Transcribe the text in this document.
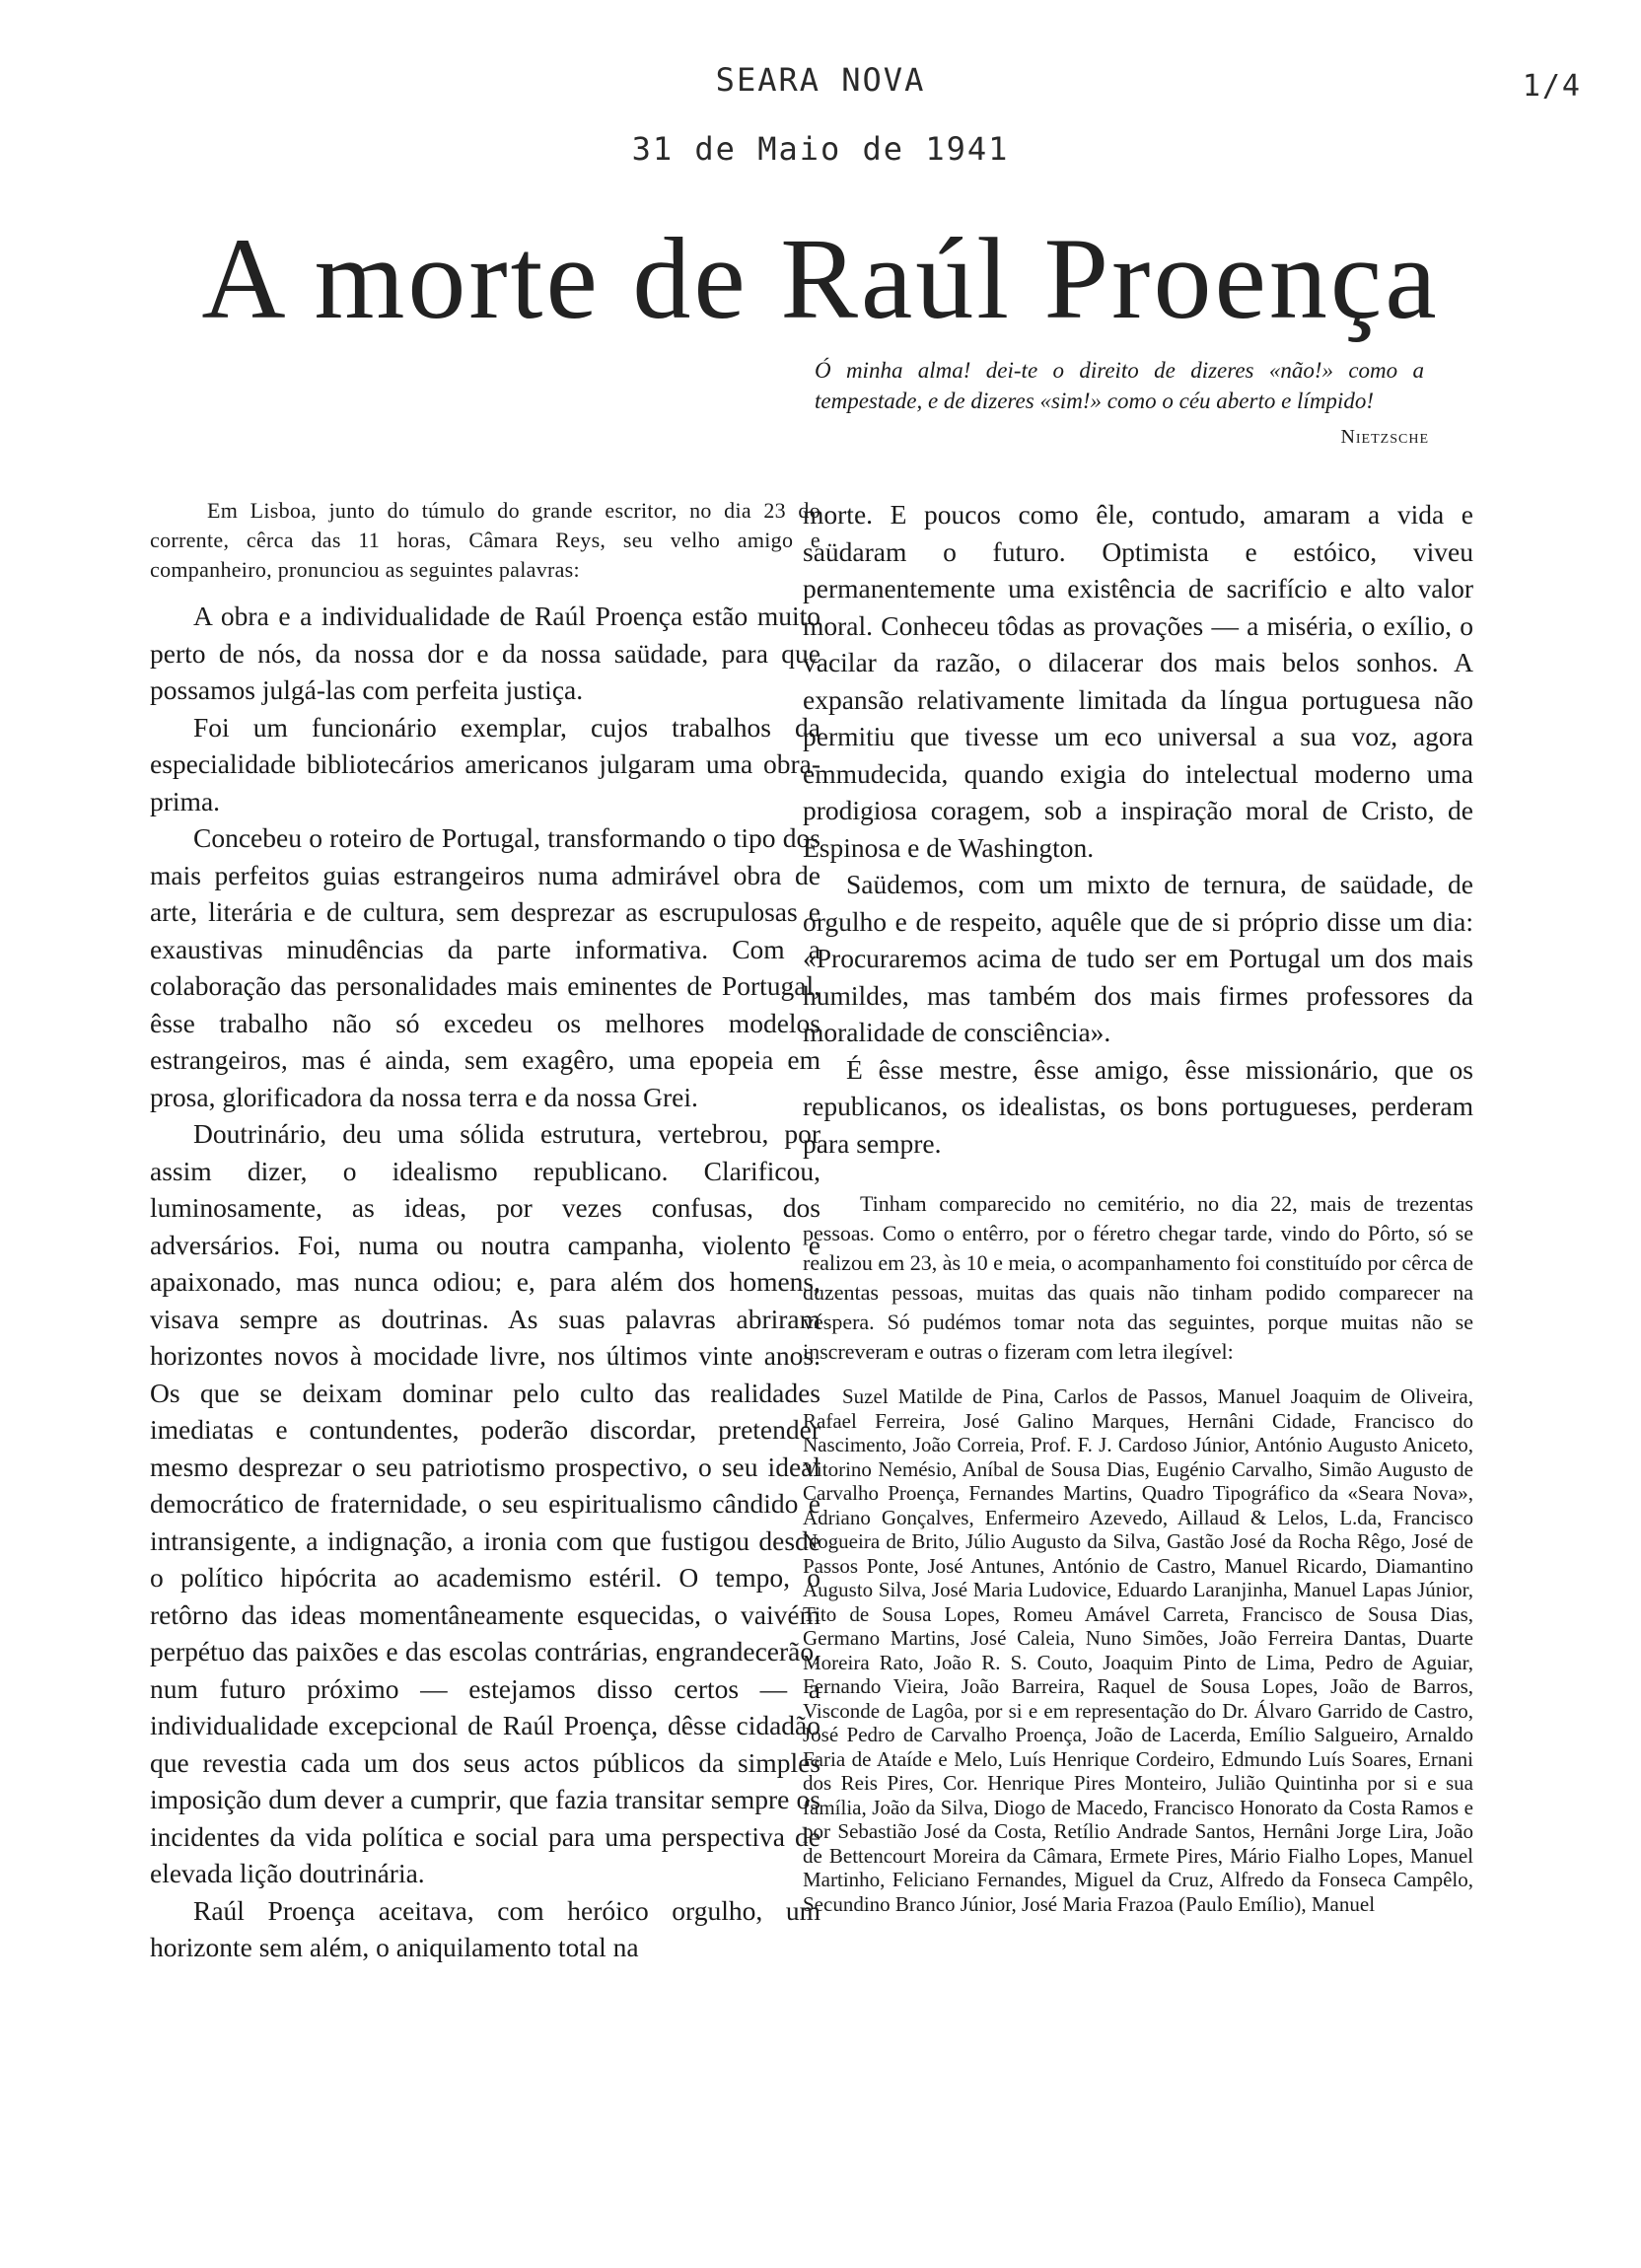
SEARA NOVA	1/4
31 de Maio de 1941
A morte de Raúl Proença
Ó minha alma! dei-te o direito de dizeres «não!» como a tempestade, e de dizeres «sim!» como o céu aberto e límpido!
Nietzsche

Em Lisboa, junto do túmulo do grande escritor, no dia 23 do corrente, cêrca das 11 horas, Câmara Reys, seu velho amigo e companheiro, pronunciou as seguintes palavras:

A obra e a individualidade de Raúl Proença estão muito perto de nós, da nossa dor e da nossa saüdade, para que possamos julgá-las com perfeita justiça.

Foi um funcionário exemplar, cujos trabalhos da especialidade bibliotecários americanos julgaram uma obra-prima.

Concebeu o roteiro de Portugal, transformando o tipo dos mais perfeitos guias estrangeiros numa admirável obra de arte, literária e de cultura, sem desprezar as escrupulosas e exaustivas minudências da parte informativa. Com a colaboração das personalidades mais eminentes de Portugal, êsse trabalho não só excedeu os melhores modelos estrangeiros, mas é ainda, sem exagêro, uma epopeia em prosa, glorificadora da nossa terra e da nossa Grei.

Doutrinário, deu uma sólida estrutura, vertebrou, por assim dizer, o idealismo republicano. Clarificou, luminosamente, as ideas, por vezes confusas, dos adversários. Foi, numa ou noutra campanha, violento e apaixonado, mas nunca odiou; e, para além dos homens, visava sempre as doutrinas. As suas palavras abriram horizontes novos à mocidade livre, nos últimos vinte anos. Os que se deixam dominar pelo culto das realidades imediatas e contundentes, poderão discordar, pretender mesmo desprezar o seu patriotismo prospectivo, o seu ideal democrático de fraternidade, o seu espiritualismo cândido e intransigente, a indignação, a ironia com que fustigou desde o político hipócrita ao academismo estéril. O tempo, o retôrno das ideas momentâneamente esquecidas, o vaivém perpétuo das paixões e das escolas contrárias, engrandecerão, num futuro próximo — estejamos disso certos — a individualidade excepcional de Raúl Proença, dêsse cidadão que revestia cada um dos seus actos públicos da simples imposição dum dever a cumprir, que fazia transitar sempre os incidentes da vida política e social para uma perspectiva de elevada lição doutrinária.

Raúl Proença aceitava, com heróico orgulho, um horizonte sem além, o aniquilamento total na

morte. E poucos como êle, contudo, amaram a vida e saüdaram o futuro. Optimista e estóico, viveu permanentemente uma existência de sacrifício e alto valor moral. Conheceu tôdas as provações — a miséria, o exílio, o vacilar da razão, o dilacerar dos mais belos sonhos. A expansão relativamente limitada da língua portuguesa não permitiu que tivesse um eco universal a sua voz, agora emmudecida, quando exigia do intelectual moderno uma prodigiosa coragem, sob a inspiração moral de Cristo, de Espinosa e de Washington.

Saüdemos, com um mixto de ternura, de saüdade, de orgulho e de respeito, aquêle que de si próprio disse um dia: «Procuraremos acima de tudo ser em Portugal um dos mais humildes, mas também dos mais firmes professores da moralidade de consciência».

É êsse mestre, êsse amigo, êsse missionário, que os republicanos, os idealistas, os bons portugueses, perderam para sempre.

Tinham comparecido no cemitério, no dia 22, mais de trezentas pessoas. Como o entêrro, por o féretro chegar tarde, vindo do Pôrto, só se realizou em 23, às 10 e meia, o acompanhamento foi constituído por cêrca de duzentas pessoas, muitas das quais não tinham podido comparecer na véspera. Só pudémos tomar nota das seguintes, porque muitas não se inscreveram e outras o fizeram com letra ilegível:

Suzel Matilde de Pina, Carlos de Passos, Manuel Joaquim de Oliveira, Rafael Ferreira, José Galino Marques, Hernâni Cidade, Francisco do Nascimento, João Correia, Prof. F. J. Cardoso Júnior, António Augusto Aniceto, Vitorino Nemésio, Aníbal de Sousa Dias, Eugénio Carvalho, Simão Augusto de Carvalho Proença, Fernandes Martins, Quadro Tipográfico da «Seara Nova», Adriano Gonçalves, Enfermeiro Azevedo, Aillaud & Lelos, L.da, Francisco Nogueira de Brito, Júlio Augusto da Silva, Gastão José da Rocha Rêgo, José de Passos Ponte, José Antunes, António de Castro, Manuel Ricardo, Diamantino Augusto Silva, José Maria Ludovice, Eduardo Laranjinha, Manuel Lapas Júnior, Tito de Sousa Lopes, Romeu Amável Carreta, Francisco de Sousa Dias, Germano Martins, José Caleia, Nuno Simões, João Ferreira Dantas, Duarte Moreira Rato, João R. S. Couto, Joaquim Pinto de Lima, Pedro de Aguiar, Fernando Vieira, João Barreira, Raquel de Sousa Lopes, João de Barros, Visconde de Lagôa, por si e em representação do Dr. Álvaro Garrido de Castro, José Pedro de Carvalho Proença, João de Lacerda, Emílio Salgueiro, Arnaldo Faria de Ataíde e Melo, Luís Henrique Cordeiro, Edmundo Luís Soares, Ernani dos Reis Pires, Cor. Henrique Pires Monteiro, Julião Quintinha por si e sua família, João da Silva, Diogo de Macedo, Francisco Honorato da Costa Ramos e por Sebastião José da Costa, Retílio Andrade Santos, Hernâni Jorge Lira, João de Bettencourt Moreira da Câmara, Ermete Pires, Mário Fialho Lopes, Manuel Martinho, Feliciano Fernandes, Miguel da Cruz, Alfredo da Fonseca Campêlo, Secundino Branco Júnior, José Maria Frazoa (Paulo Emílio), Manuel
